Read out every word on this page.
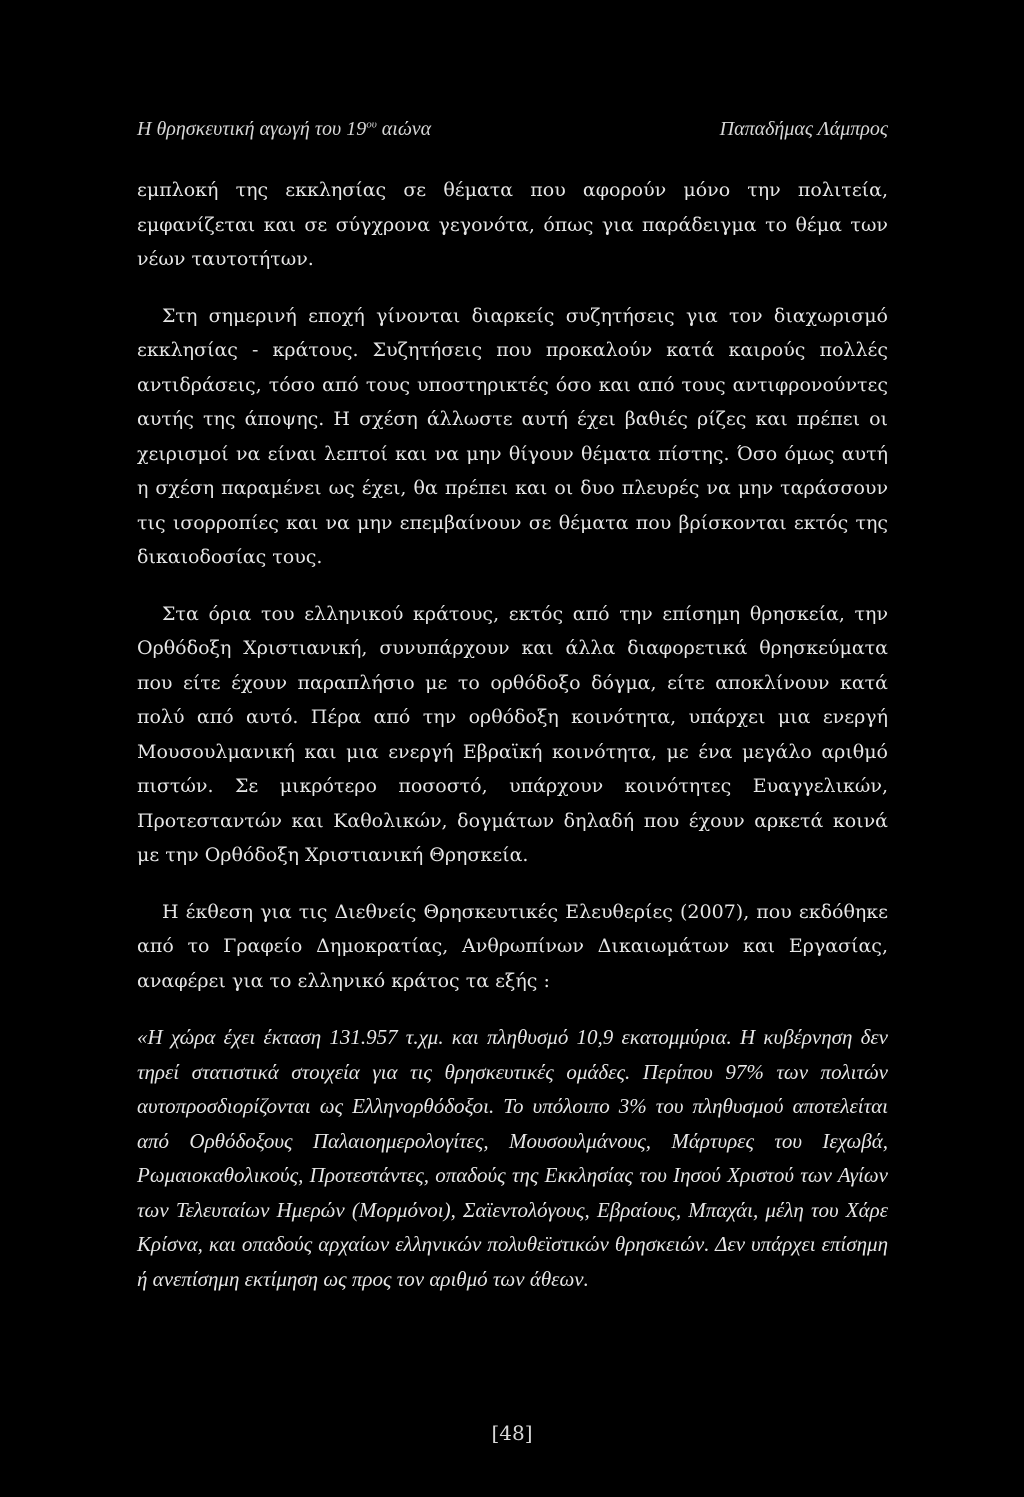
Η θρησκευτική αγωγή του $19^{o\upsilon}$ αιώνα	Παπαδήμας Λάμπρος

εμπλοκή της εκκλησίας σε θέματα που αφορούν μόνο την πολιτεία, εμφανίζεται και σε σύγχρονα γεγονότα, όπως για παράδειγμα το θέμα των νέων ταυτοτήτων.

Στη σημερινή εποχή γίνονται διαρκείς συζητήσεις για τον διαχωρισμό εκκλησίας - κράτους. Συζητήσεις που προκαλούν κατά καιρούς πολλές αντιδράσεις, τόσο από τους υποστηρικτές όσο και από τους αντιφρονούντες αυτής της άποψης. Η σχέση άλλωστε αυτή έχει βαθιές ρίζες και πρέπει οι χειρισμοί να είναι λεπτοί και να μην θίγουν θέματα πίστης. Όσο όμως αυτή η σχέση παραμένει ως έχει, θα πρέπει και οι δυο πλευρές να μην ταράσσουν τις ισορροπίες και να μην επεμβαίνουν σε θέματα που βρίσκονται εκτός της δικαιοδοσίας τους.

Στα όρια του ελληνικού κράτους, εκτός από την επίσημη θρησκεία, την Ορθόδοξη Χριστιανική, συνυπάρχουν και άλλα διαφορετικά θρησκεύματα που είτε έχουν παραπλήσιο με το ορθόδοξο δόγμα, είτε αποκλίνουν κατά πολύ από αυτό. Πέρα από την ορθόδοξη κοινότητα, υπάρχει μια ενεργή Μουσουλμανική και μια ενεργή Εβραϊκή κοινότητα, με ένα μεγάλο αριθμό πιστών. Σε μικρότερο ποσοστό, υπάρχουν κοινότητες Ευαγγελικών, Προτεσταντών και Καθολικών, δογμάτων δηλαδή που έχουν αρκετά κοινά με την Ορθόδοξη Χριστιανική Θρησκεία.

Η έκθεση για τις Διεθνείς Θρησκευτικές Ελευθερίες (2007), που εκδόθηκε από το Γραφείο Δημοκρατίας, Ανθρωπίνων Δικαιωμάτων και Εργασίας, αναφέρει για το ελληνικό κράτος τα εξής :

«Η χώρα έχει έκταση 131.957 τ.χμ. και πληθυσμό 10,9 εκατομμύρια. Η κυβέρνηση δεν τηρεί στατιστικά στοιχεία για τις θρησκευτικές ομάδες. Περίπου 97% των πολιτών αυτοπροσδιορίζονται ως Ελληνορθόδοξοι. Το υπόλοιπο 3% του πληθυσμού αποτελείται από Ορθόδοξους Παλαιοημερολογίτες, Μουσουλμάνους, Μάρτυρες του Ιεχωβά, Ρωμαιοκαθολικούς, Προτεστάντες, οπαδούς της Εκκλησίας του Ιησού Χριστού των Αγίων των Τελευταίων Ημερών (Μορμόνοι), Σαϊεντολόγους, Εβραίους, Μπαχάι, μέλη του Χάρε Κρίσνα, και οπαδούς αρχαίων ελληνικών πολυθεϊστικών θρησκειών. Δεν υπάρχει επίσημη ή ανεπίσημη εκτίμηση ως προς τον αριθμό των άθεων.

[48]
